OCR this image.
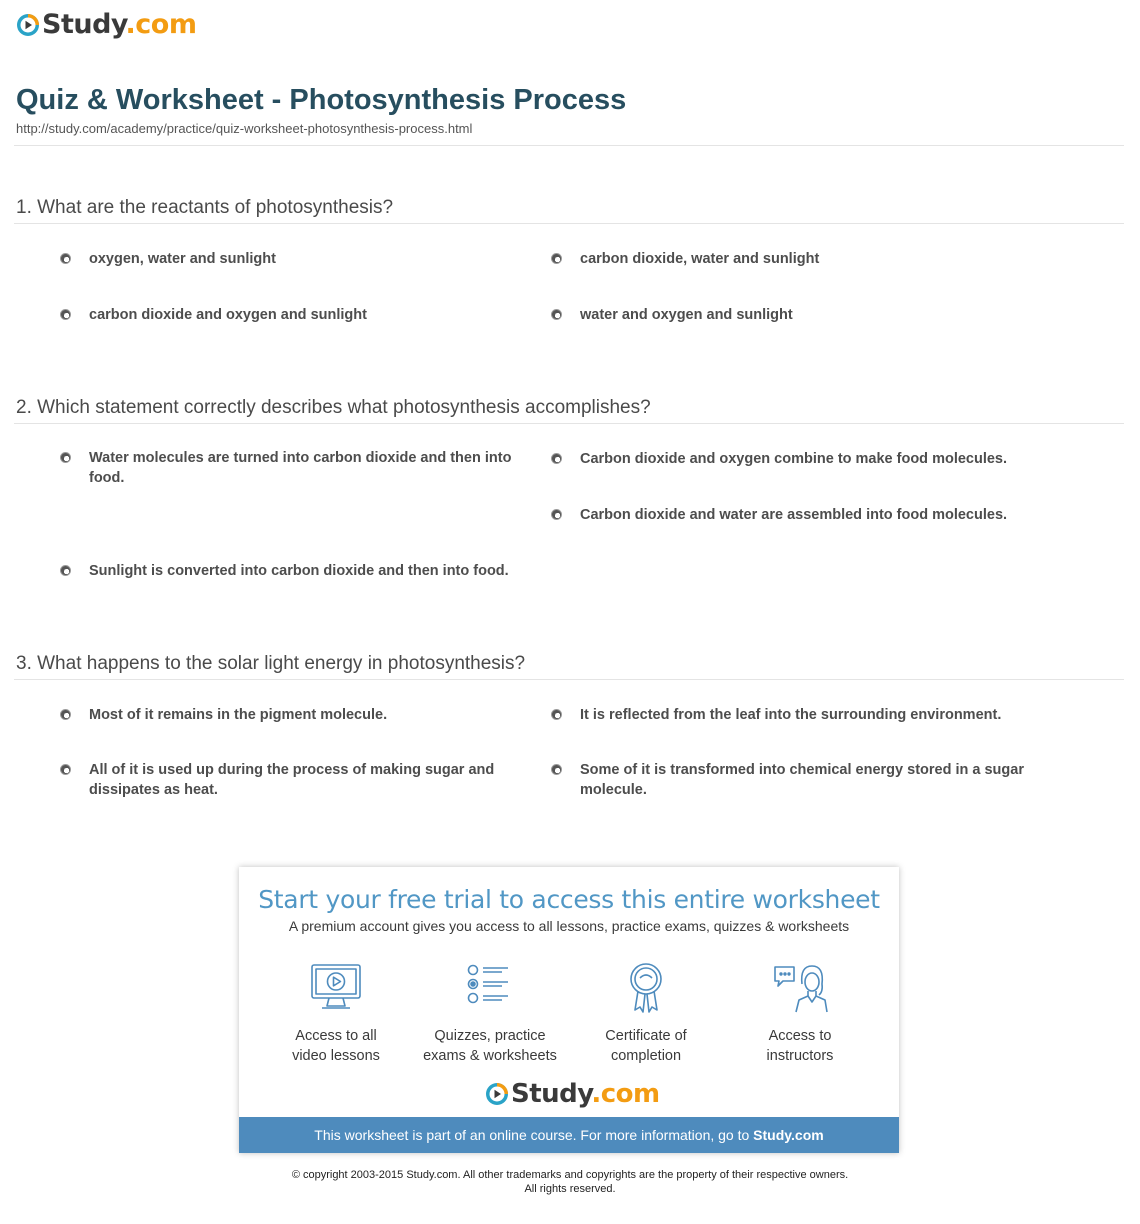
Study.com
Quiz & Worksheet - Photosynthesis Process
http://study.com/academy/practice/quiz-worksheet-photosynthesis-process.html
1. What are the reactants of photosynthesis?
oxygen, water and sunlight	carbon dioxide, water and sunlight
carbon dioxide and oxygen and sunlight	water and oxygen and sunlight
2. Which statement correctly describes what photosynthesis accomplishes?
Water molecules are turned into carbon dioxide and then into food.
Carbon dioxide and oxygen combine to make food molecules.
Carbon dioxide and water are assembled into food molecules.
Sunlight is converted into carbon dioxide and then into food.
3. What happens to the solar light energy in photosynthesis?
Most of it remains in the pigment molecule.	It is reflected from the leaf into the surrounding environment.
All of it is used up during the process of making sugar and dissipates as heat.
Some of it is transformed into chemical energy stored in a sugar molecule.
Start your free trial to access this entire worksheet
A premium account gives you access to all lessons, practice exams, quizzes & worksheets
Access to all
video lessons
Quizzes, practice
exams & worksheets
Certificate of
completion
Access to
instructors
Study.com
This worksheet is part of an online course. For more information, go to Study.com
© copyright 2003-2015 Study.com. All other trademarks and copyrights are the property of their respective owners.
All rights reserved.
